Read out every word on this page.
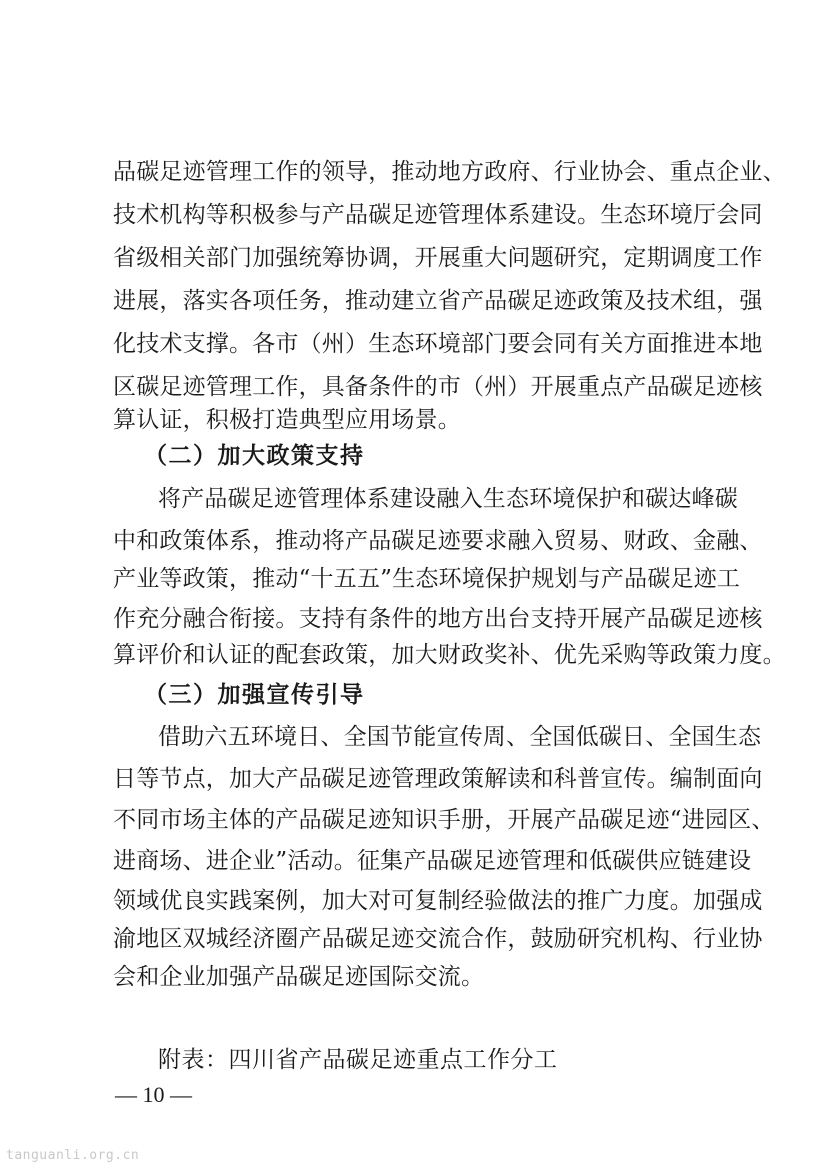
品碳足迹管理工作的领导，推动地方政府、行业协会、重点企业、
技术机构等积极参与产品碳足迹管理体系建设。生态环境厅会同
省级相关部门加强统筹协调，开展重大问题研究，定期调度工作
进展，落实各项任务，推动建立省产品碳足迹政策及技术组，强
化技术支撑。各市（州）生态环境部门要会同有关方面推进本地
区碳足迹管理工作，具备条件的市（州）开展重点产品碳足迹核
算认证，积极打造典型应用场景。
（二）加大政策支持
将产品碳足迹管理体系建设融入生态环境保护和碳达峰碳
中和政策体系，推动将产品碳足迹要求融入贸易、财政、金融、
产业等政策，推动“十五五”生态环境保护规划与产品碳足迹工
作充分融合衔接。支持有条件的地方出台支持开展产品碳足迹核
算评价和认证的配套政策，加大财政奖补、优先采购等政策力度。
（三）加强宣传引导
借助六五环境日、全国节能宣传周、全国低碳日、全国生态
日等节点，加大产品碳足迹管理政策解读和科普宣传。编制面向
不同市场主体的产品碳足迹知识手册，开展产品碳足迹“进园区、
进商场、进企业”活动。征集产品碳足迹管理和低碳供应链建设
领域优良实践案例，加大对可复制经验做法的推广力度。加强成
渝地区双城经济圈产品碳足迹交流合作，鼓励研究机构、行业协
会和企业加强产品碳足迹国际交流。
附表：四川省产品碳足迹重点工作分工
— 10 —
tanguanli.org.cn
